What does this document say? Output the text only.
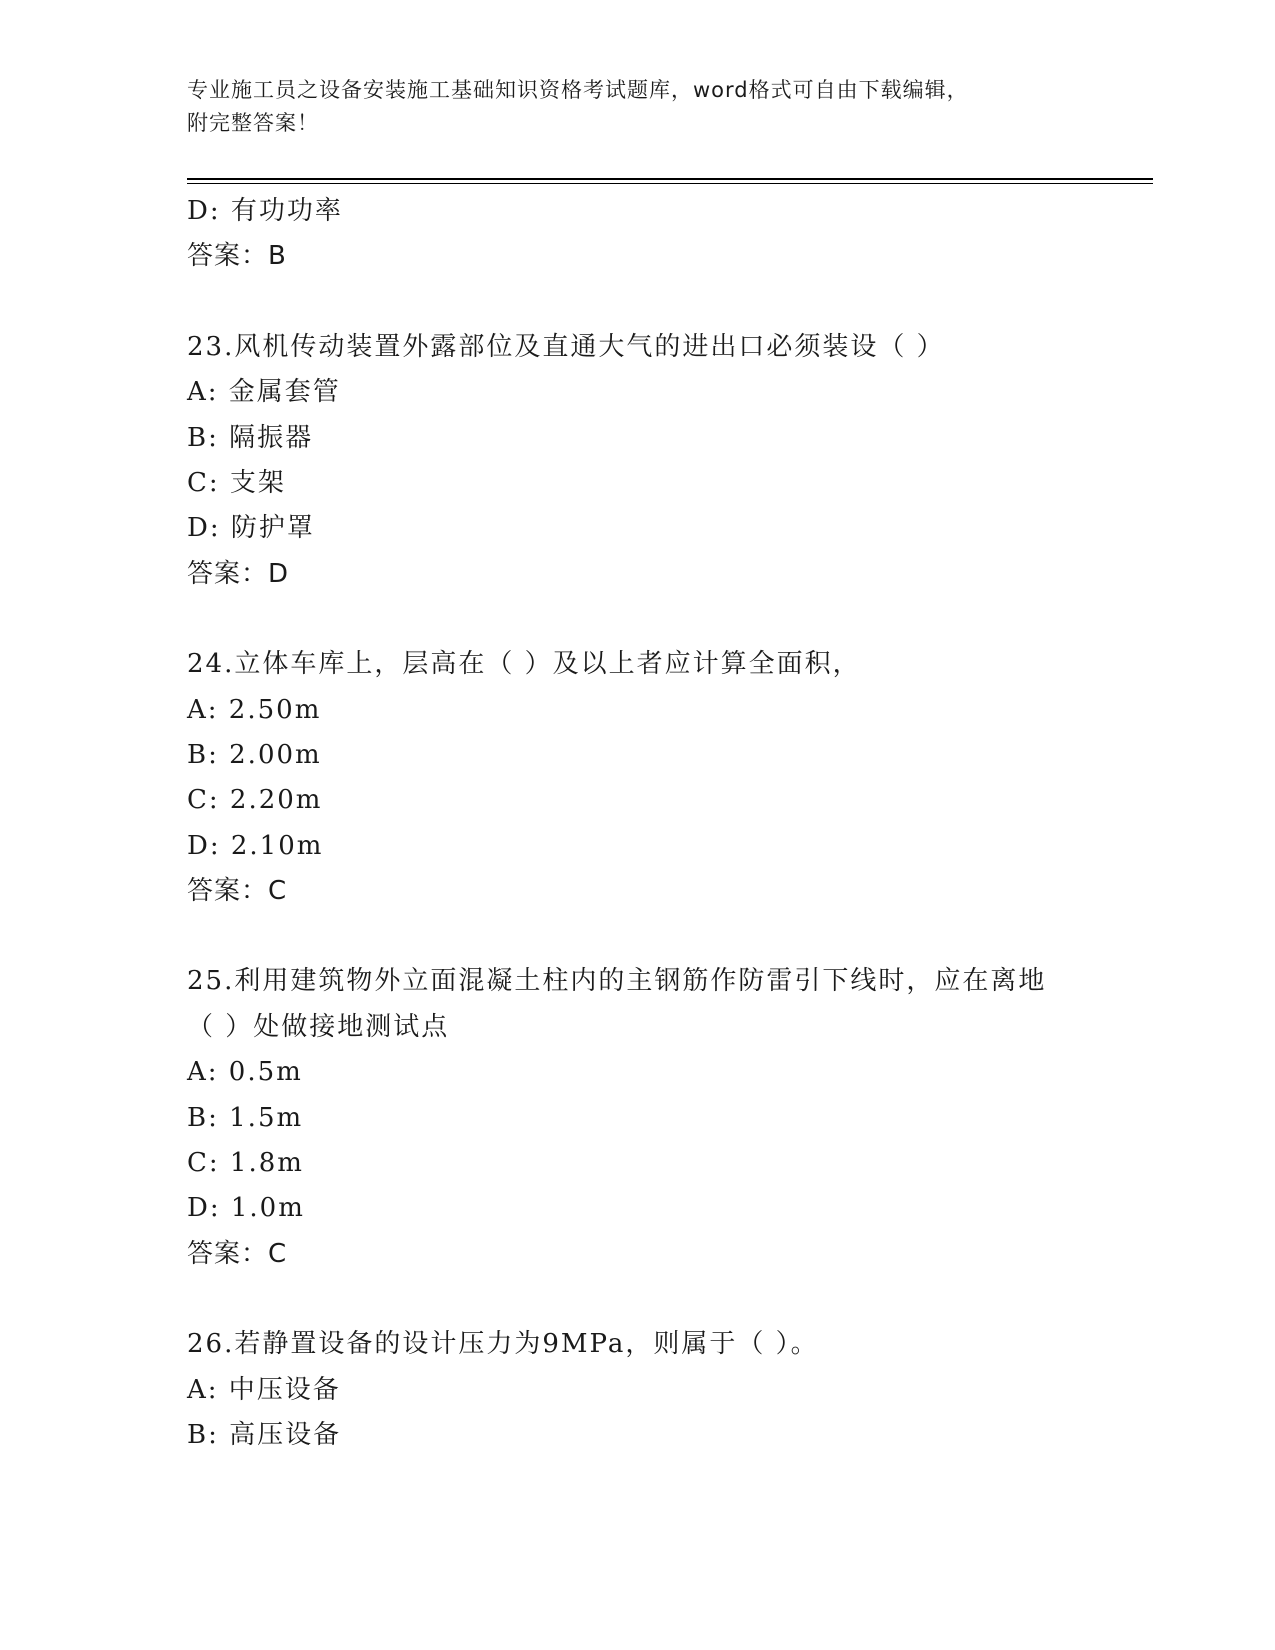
专业施工员之设备安装施工基础知识资格考试题库，word格式可自由下载编辑，
附完整答案！
D: 有功功率
答案：B
23.风机传动装置外露部位及直通大气的进出口必须装设（ ）
A: 金属套管
B: 隔振器
C: 支架
D: 防护罩
答案：D
24.立体车库上，层高在（ ）及以上者应计算全面积，
A: 2.50m
B: 2.00m
C: 2.20m
D: 2.10m
答案：C
25.利用建筑物外立面混凝土柱内的主钢筋作防雷引下线时，应在离地
（ ）处做接地测试点
A: 0.5m
B: 1.5m
C: 1.8m
D: 1.0m
答案：C
26.若静置设备的设计压力为9MPa，则属于（ ）。
A: 中压设备
B: 高压设备
